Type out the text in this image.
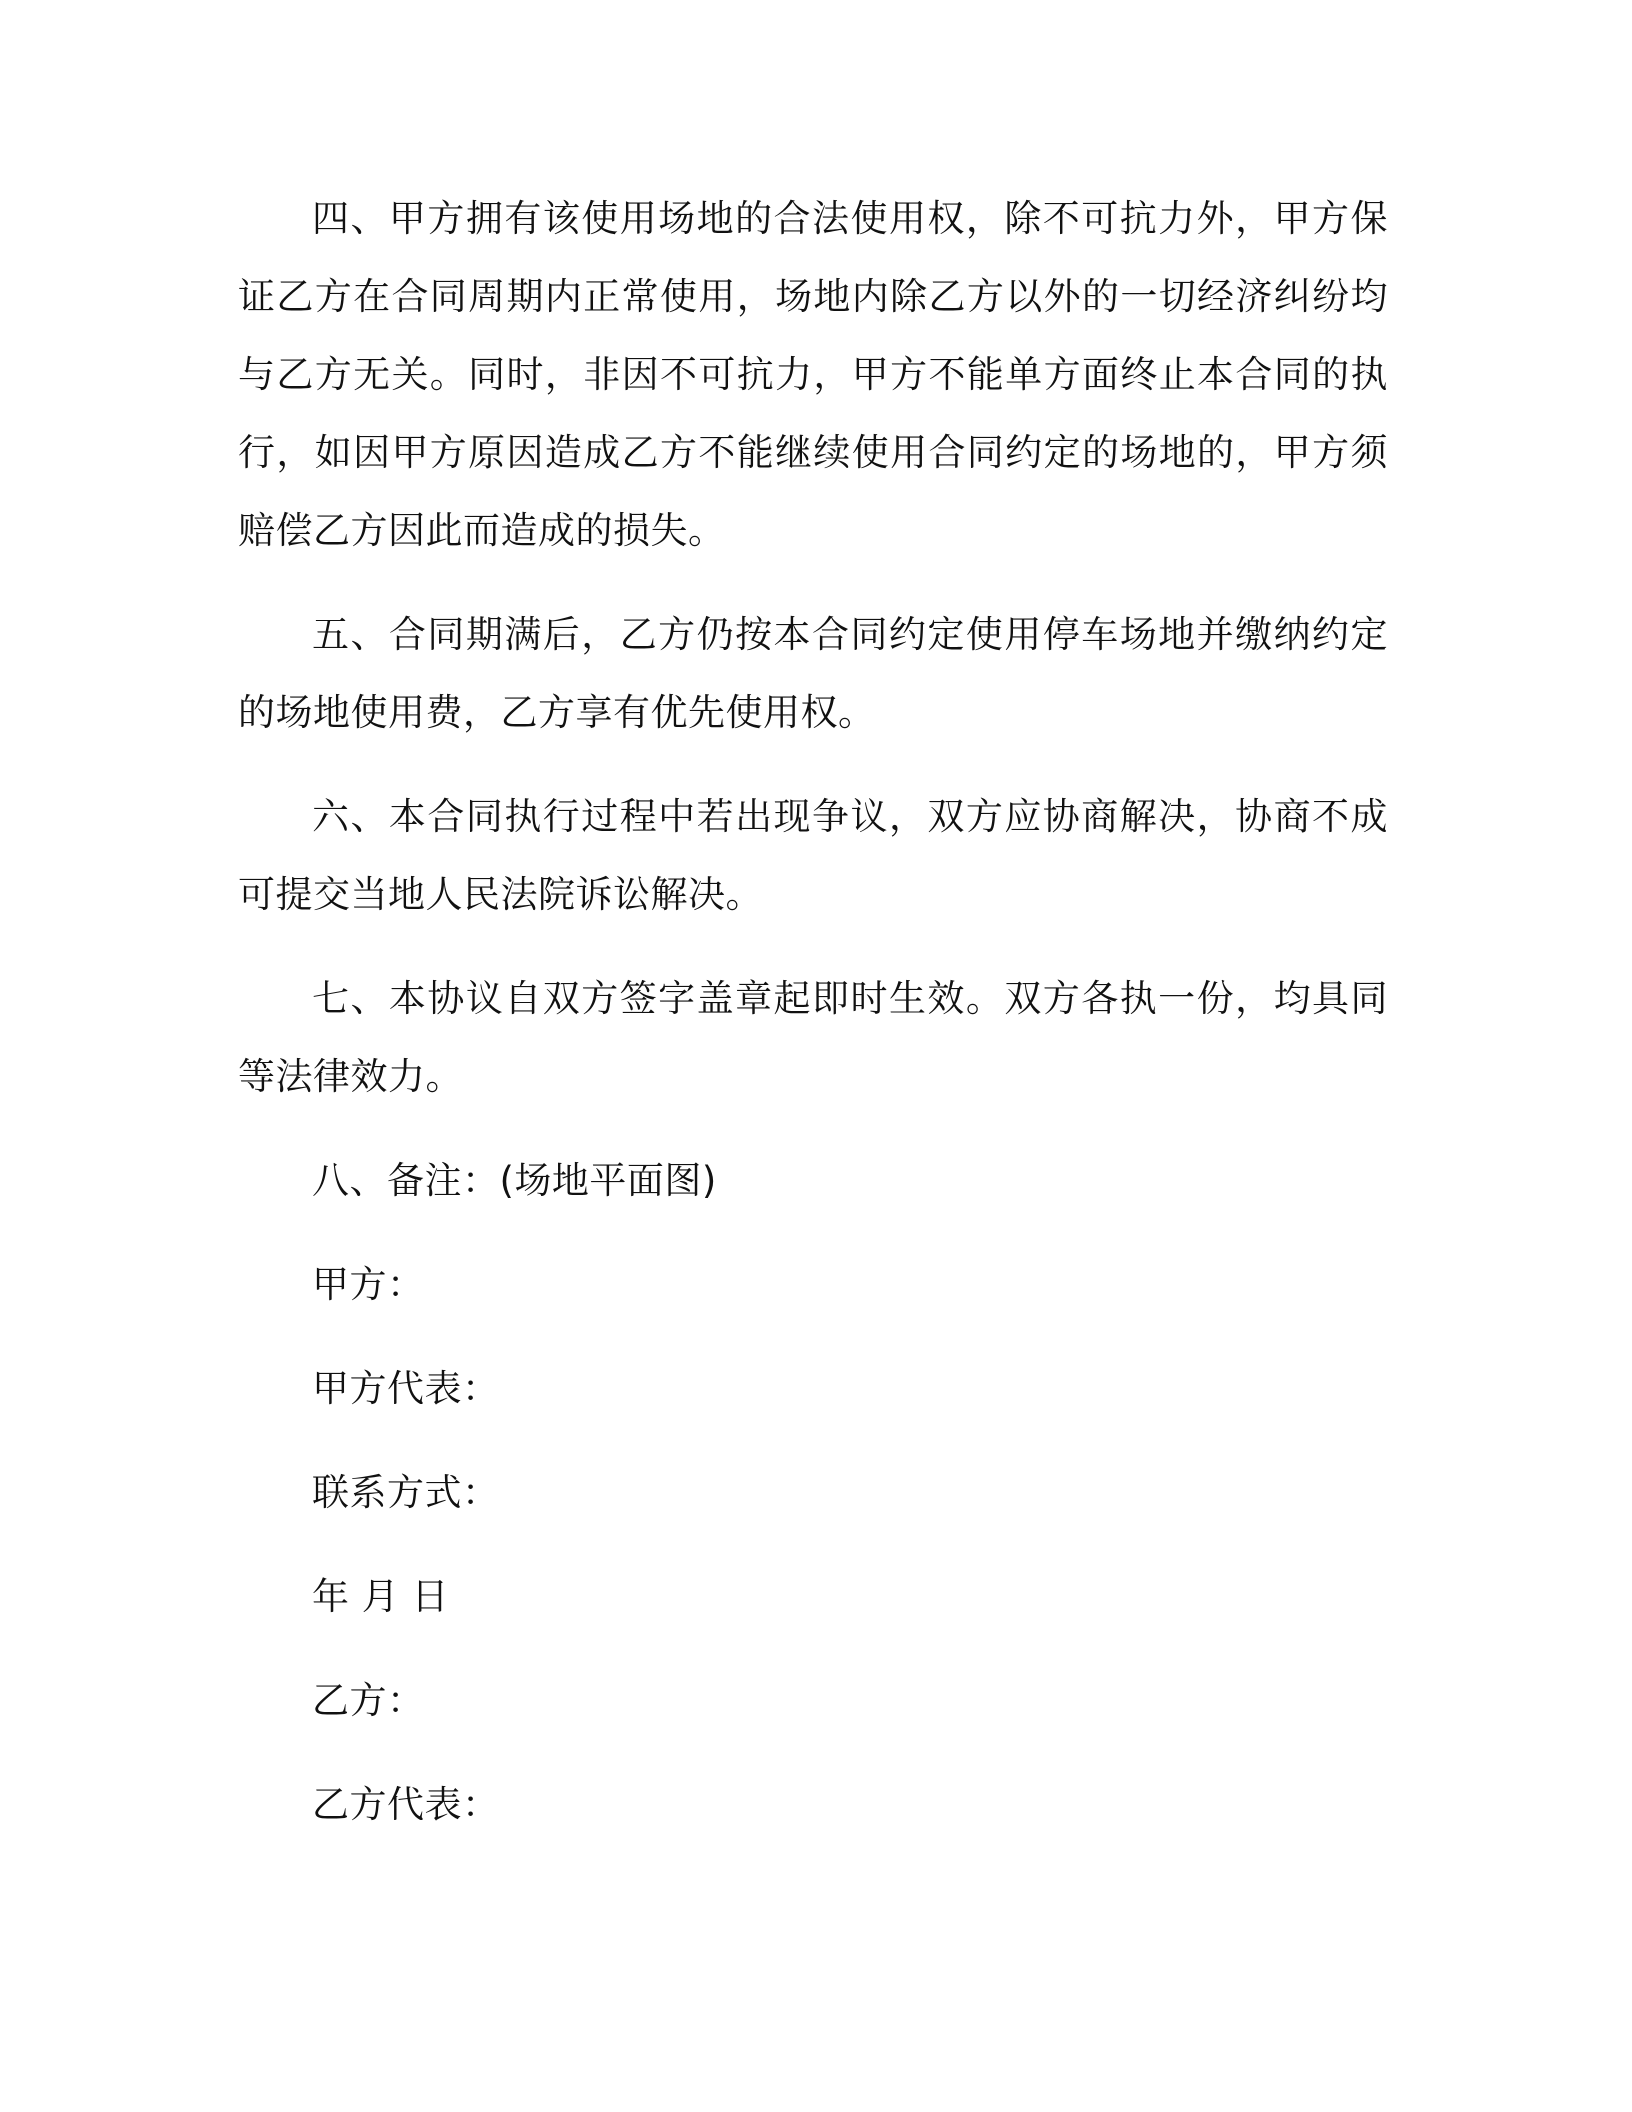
四、甲方拥有该使用场地的合法使用权，除不可抗力外，甲方保证乙方在合同周期内正常使用，场地内除乙方以外的一切经济纠纷均与乙方无关。同时，非因不可抗力，甲方不能单方面终止本合同的执行，如因甲方原因造成乙方不能继续使用合同约定的场地的，甲方须赔偿乙方因此而造成的损失。

五、合同期满后，乙方仍按本合同约定使用停车场地并缴纳约定的场地使用费，乙方享有优先使用权。

六、本合同执行过程中若出现争议，双方应协商解决，协商不成可提交当地人民法院诉讼解决。

七、本协议自双方签字盖章起即时生效。双方各执一份，均具同等法律效力。

八、备注：(场地平面图)
甲方：
甲方代表：
联系方式：
年 月 日
乙方：
乙方代表：
